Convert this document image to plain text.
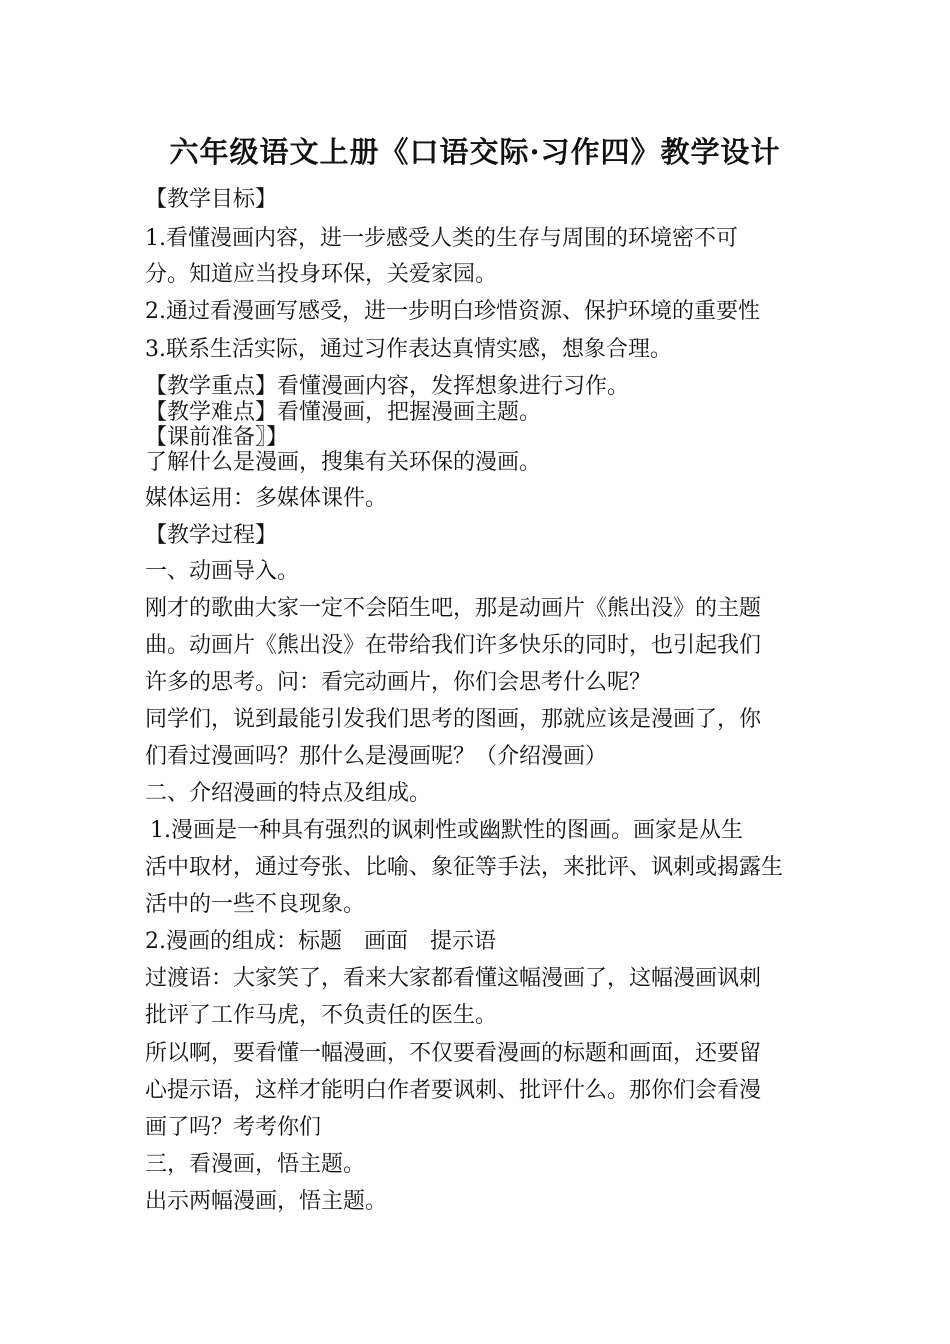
六年级语文上册《口语交际·习作四》教学设计
【教学目标】
1.看懂漫画内容，进一步感受人类的生存与周围的环境密不可
分。知道应当投身环保，关爱家园。
2.通过看漫画写感受，进一步明白珍惜资源、保护环境的重要性
3.联系生活实际，通过习作表达真情实感，想象合理。
【教学重点】看懂漫画内容，发挥想象进行习作。
【教学难点】看懂漫画，把握漫画主题。
【课前准备〗】
了解什么是漫画，搜集有关环保的漫画。
媒体运用：多媒体课件。
【教学过程】
一、动画导入。
刚才的歌曲大家一定不会陌生吧，那是动画片《熊出没》的主题
曲。动画片《熊出没》在带给我们许多快乐的同时，也引起我们
许多的思考。问：看完动画片，你们会思考什么呢？
同学们，说到最能引发我们思考的图画，那就应该是漫画了，你
们看过漫画吗？那什么是漫画呢？（介绍漫画）
二、介绍漫画的特点及组成。
1.漫画是一种具有强烈的讽刺性或幽默性的图画。画家是从生
活中取材，通过夸张、比喻、象征等手法，来批评、讽刺或揭露生
活中的一些不良现象。
2.漫画的组成：标题　画面　提示语
过渡语：大家笑了，看来大家都看懂这幅漫画了，这幅漫画讽刺
批评了工作马虎，不负责任的医生。
所以啊，要看懂一幅漫画，不仅要看漫画的标题和画面，还要留
心提示语，这样才能明白作者要讽刺、批评什么。那你们会看漫
画了吗？考考你们
三，看漫画，悟主题。
出示两幅漫画，悟主题。
